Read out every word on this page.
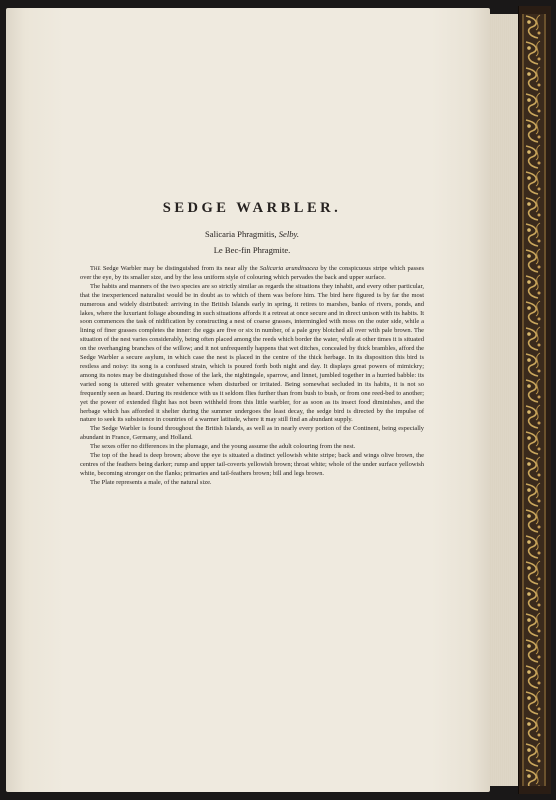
SEDGE WARBLER.
Salicaria Phragmitis, Selby.
Le Bec-fin Phragmite.

The Sedge Warbler may be distinguished from its near ally the Salicaria arundinacea by the conspicuous stripe which passes over the eye, by its smaller size, and by the less uniform style of colouring which pervades the back and upper surface.

The habits and manners of the two species are so strictly similar as regards the situations they inhabit, and every other particular, that the inexperienced naturalist would be in doubt as to which of them was before him. The bird here figured is by far the most numerous and widely distributed: arriving in the British Islands early in spring, it retires to marshes, banks of rivers, ponds, and lakes, where the luxuriant foliage abounding in such situations affords it a retreat at once secure and in direct unison with its habits. It soon commences the task of nidification by constructing a nest of coarse grasses, intermingled with moss on the outer side, while a lining of finer grasses completes the inner: the eggs are five or six in number, of a pale grey blotched all over with pale brown. The situation of the nest varies considerably, being often placed among the reeds which border the water, while at other times it is situated on the overhanging branches of the willow; and it not unfrequently happens that wet ditches, concealed by thick brambles, afford the Sedge Warbler a secure asylum, in which case the nest is placed in the centre of the thick herbage. In its disposition this bird is restless and noisy: its song is a confused strain, which is poured forth both night and day. It displays great powers of mimickry; among its notes may be distinguished those of the lark, the nightingale, sparrow, and linnet, jumbled together in a hurried babble: its varied song is uttered with greater vehemence when disturbed or irritated. Being somewhat secluded in its habits, it is not so frequently seen as heard. During its residence with us it seldom flies further than from bush to bush, or from one reed-bed to another; yet the power of extended flight has not been withheld from this little warbler, for as soon as its insect food diminishes, and the herbage which has afforded it shelter during the summer undergoes the least decay, the sedge bird is directed by the impulse of nature to seek its subsistence in countries of a warmer latitude, where it may still find an abundant supply.

The Sedge Warbler is found throughout the British Islands, as well as in nearly every portion of the Continent, being especially abundant in France, Germany, and Holland.

The sexes offer no differences in the plumage, and the young assume the adult colouring from the nest.

The top of the head is deep brown; above the eye is situated a distinct yellowish white stripe; back and wings olive brown, the centres of the feathers being darker; rump and upper tail-coverts yellowish brown; throat white; whole of the under surface yellowish white, becoming stronger on the flanks; primaries and tail-feathers brown; bill and legs brown.

The Plate represents a male, of the natural size.
